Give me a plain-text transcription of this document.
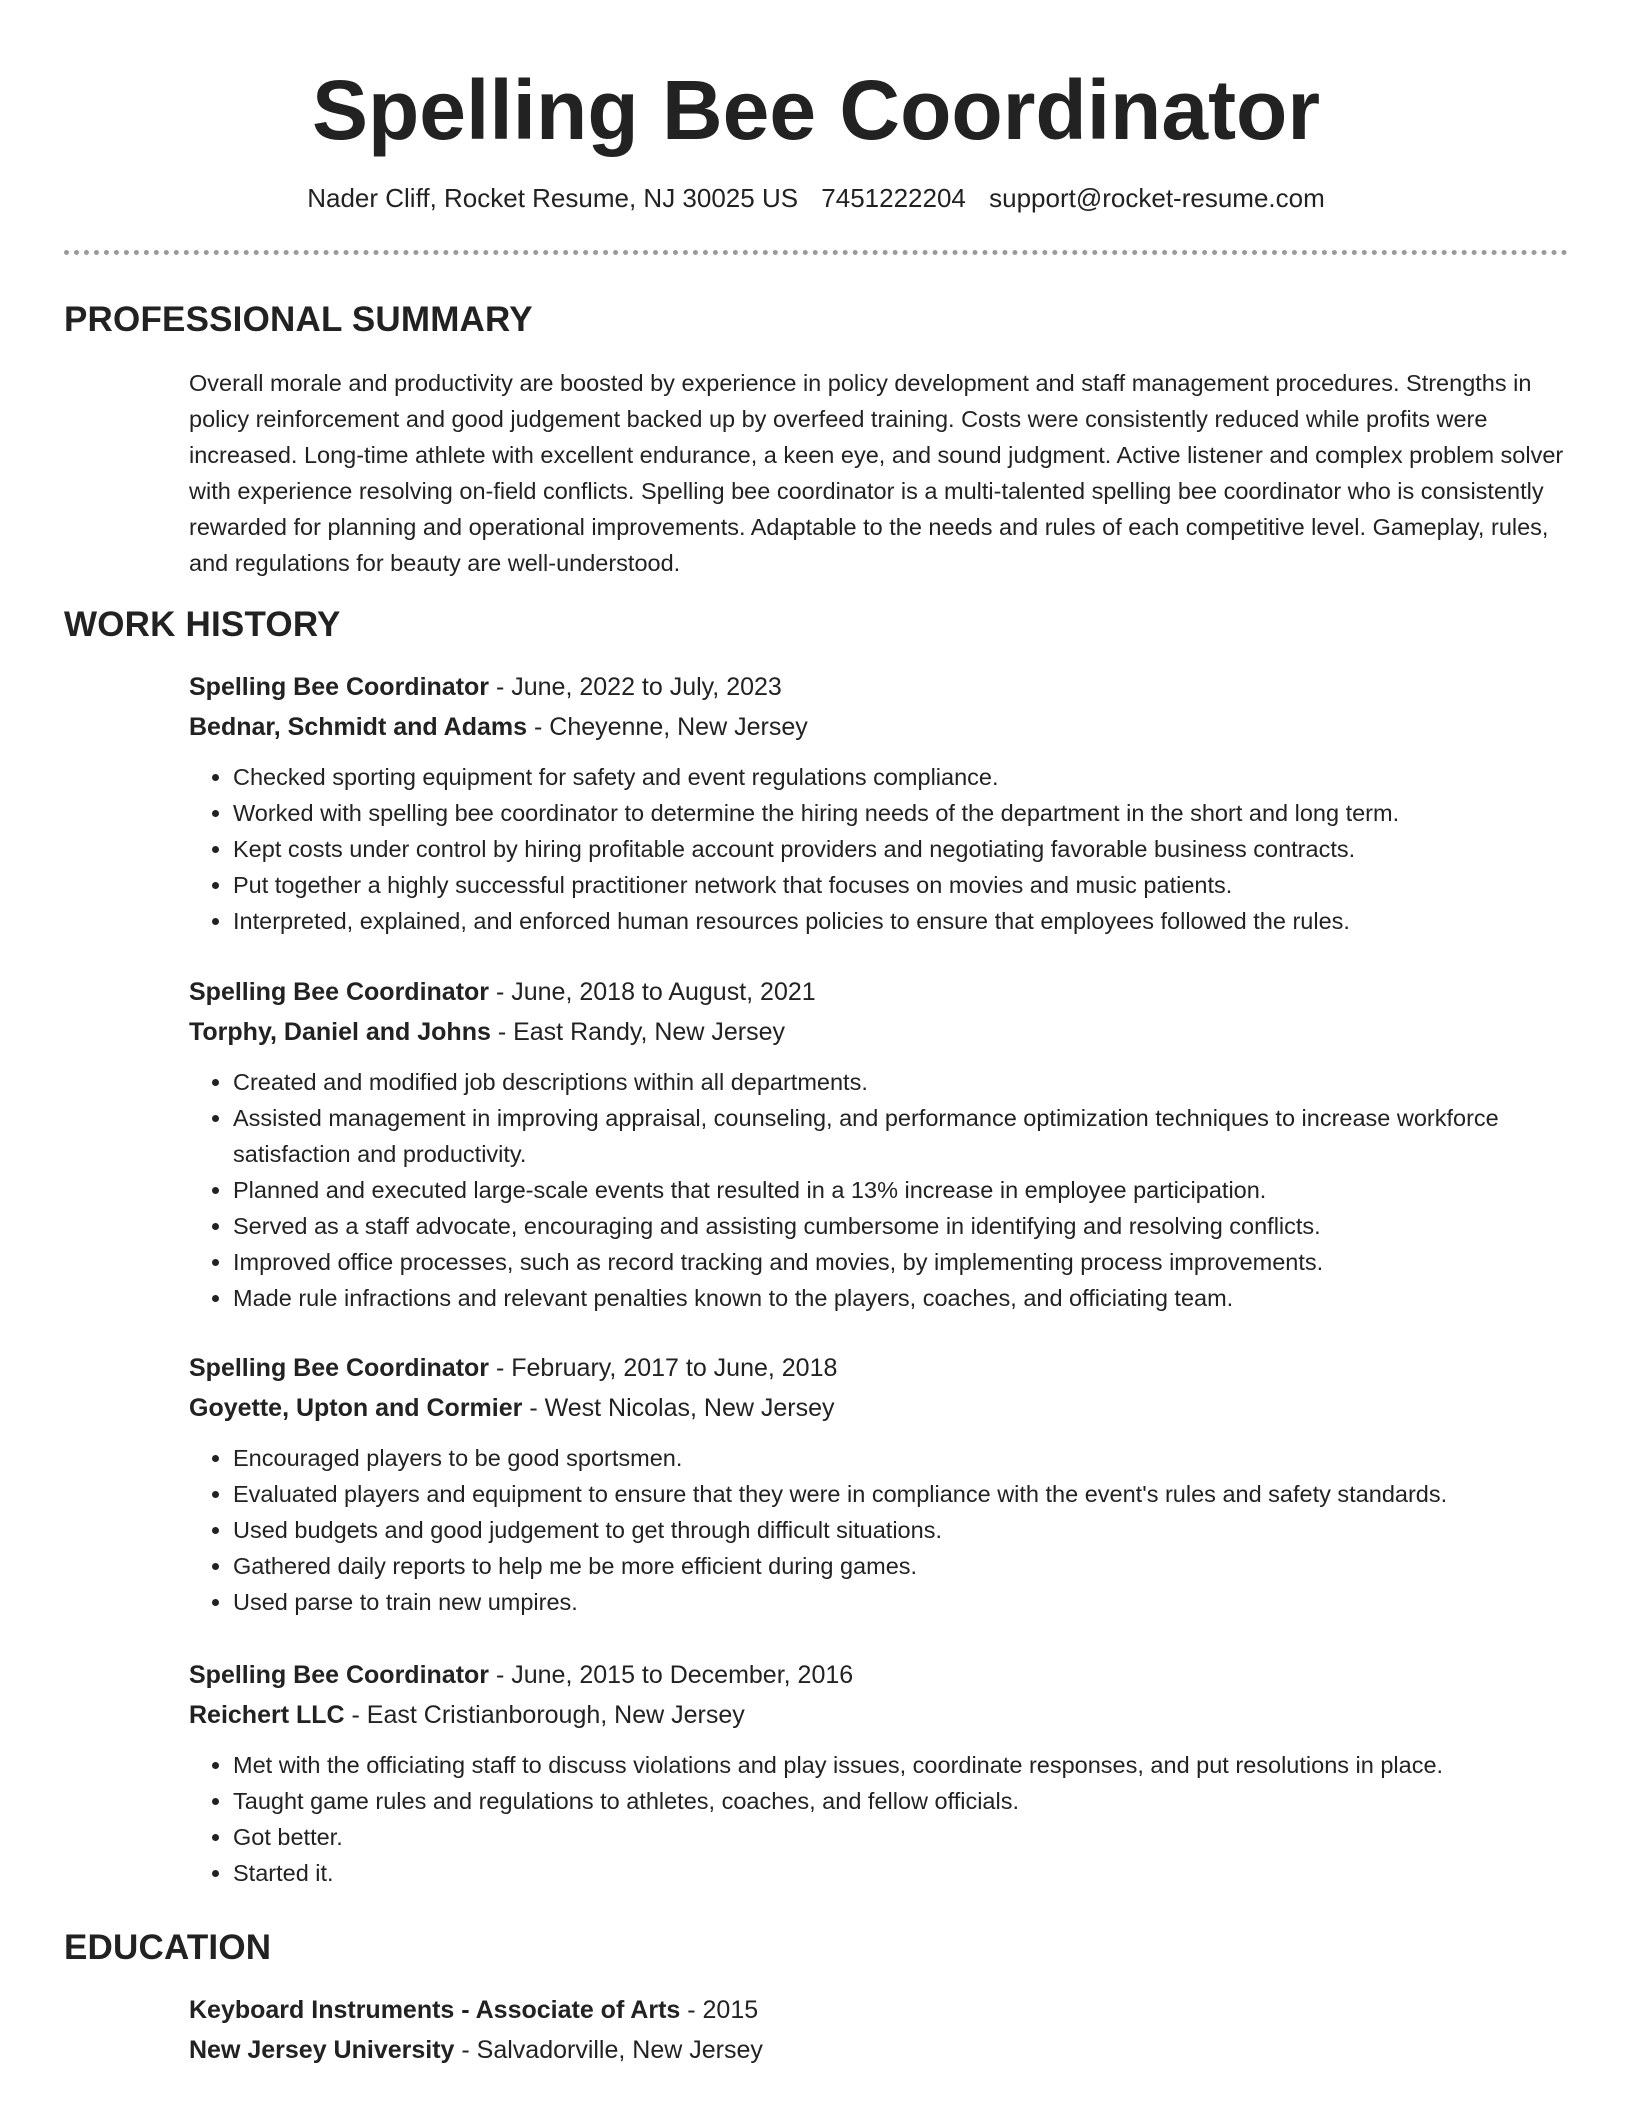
Spelling Bee Coordinator
Nader Cliff, Rocket Resume, NJ 30025 US 7451222204 support@rocket-resume.com
PROFESSIONAL SUMMARY

Overall morale and productivity are boosted by experience in policy development and staff management procedures. Strengths in policy reinforcement and good judgement backed up by overfeed training. Costs were consistently reduced while profits were increased. Long-time athlete with excellent endurance, a keen eye, and sound judgment. Active listener and complex problem solver with experience resolving on-field conflicts. Spelling bee coordinator is a multi-talented spelling bee coordinator who is consistently rewarded for planning and operational improvements. Adaptable to the needs and rules of each competitive level. Gameplay, rules, and regulations for beauty are well-understood.

WORK HISTORY
Spelling Bee Coordinator - June, 2022 to July, 2023
Bednar, Schmidt and Adams - Cheyenne, New Jersey
• Checked sporting equipment for safety and event regulations compliance.
• Worked with spelling bee coordinator to determine the hiring needs of the department in the short and long term.
• Kept costs under control by hiring profitable account providers and negotiating favorable business contracts.
• Put together a highly successful practitioner network that focuses on movies and music patients.
• Interpreted, explained, and enforced human resources policies to ensure that employees followed the rules.
Spelling Bee Coordinator - June, 2018 to August, 2021
Torphy, Daniel and Johns - East Randy, New Jersey
• Created and modified job descriptions within all departments.
• Assisted management in improving appraisal, counseling, and performance optimization techniques to increase workforce satisfaction and productivity.
• Planned and executed large-scale events that resulted in a 13% increase in employee participation.
• Served as a staff advocate, encouraging and assisting cumbersome in identifying and resolving conflicts.
• Improved office processes, such as record tracking and movies, by implementing process improvements.
• Made rule infractions and relevant penalties known to the players, coaches, and officiating team.
Spelling Bee Coordinator - February, 2017 to June, 2018
Goyette, Upton and Cormier - West Nicolas, New Jersey
• Encouraged players to be good sportsmen.
• Evaluated players and equipment to ensure that they were in compliance with the event's rules and safety standards.
• Used budgets and good judgement to get through difficult situations.
• Gathered daily reports to help me be more efficient during games.
• Used parse to train new umpires.
Spelling Bee Coordinator - June, 2015 to December, 2016
Reichert LLC - East Cristianborough, New Jersey
• Met with the officiating staff to discuss violations and play issues, coordinate responses, and put resolutions in place.
• Taught game rules and regulations to athletes, coaches, and fellow officials.
• Got better.
• Started it.
EDUCATION
Keyboard Instruments - Associate of Arts - 2015
New Jersey University - Salvadorville, New Jersey
